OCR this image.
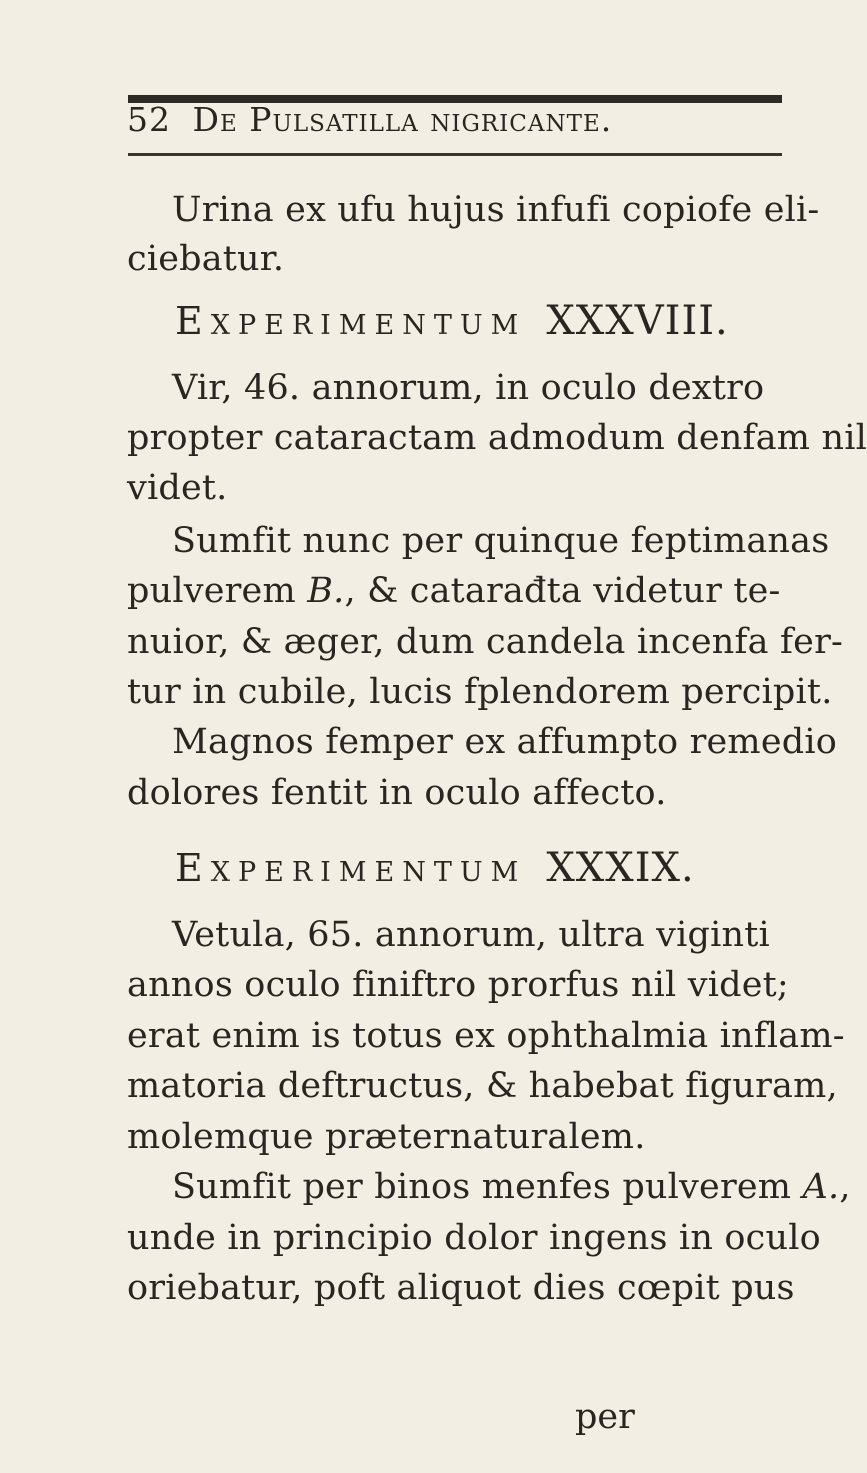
52 De Pulsatilla nigricante.
Urina ex ufu hujus infufi copiofe eli-
ciebatur.
Experimentum XXXVIII.
Vir, 46. annorum, in oculo dextro
propter cataractam admodum denfam nil
videt.
Sumfit nunc per quinque feptimanas
pulverem B., & catarađta videtur te-
nuior, & æger, dum candela incenfa fer-
tur in cubile, lucis fplendorem percipit.
Magnos femper ex affumpto remedio
dolores fentit in oculo affecto.
Experimentum XXXIX.
Vetula, 65. annorum, ultra viginti
annos oculo finiftro prorfus nil videt;
erat enim is totus ex ophthalmia inflam-
matoria deftructus, & habebat figuram,
molemque præternaturalem.
Sumfit per binos menfes pulverem A.,
unde in principio dolor ingens in oculo
oriebatur, poft aliquot dies cœpit pus
per
